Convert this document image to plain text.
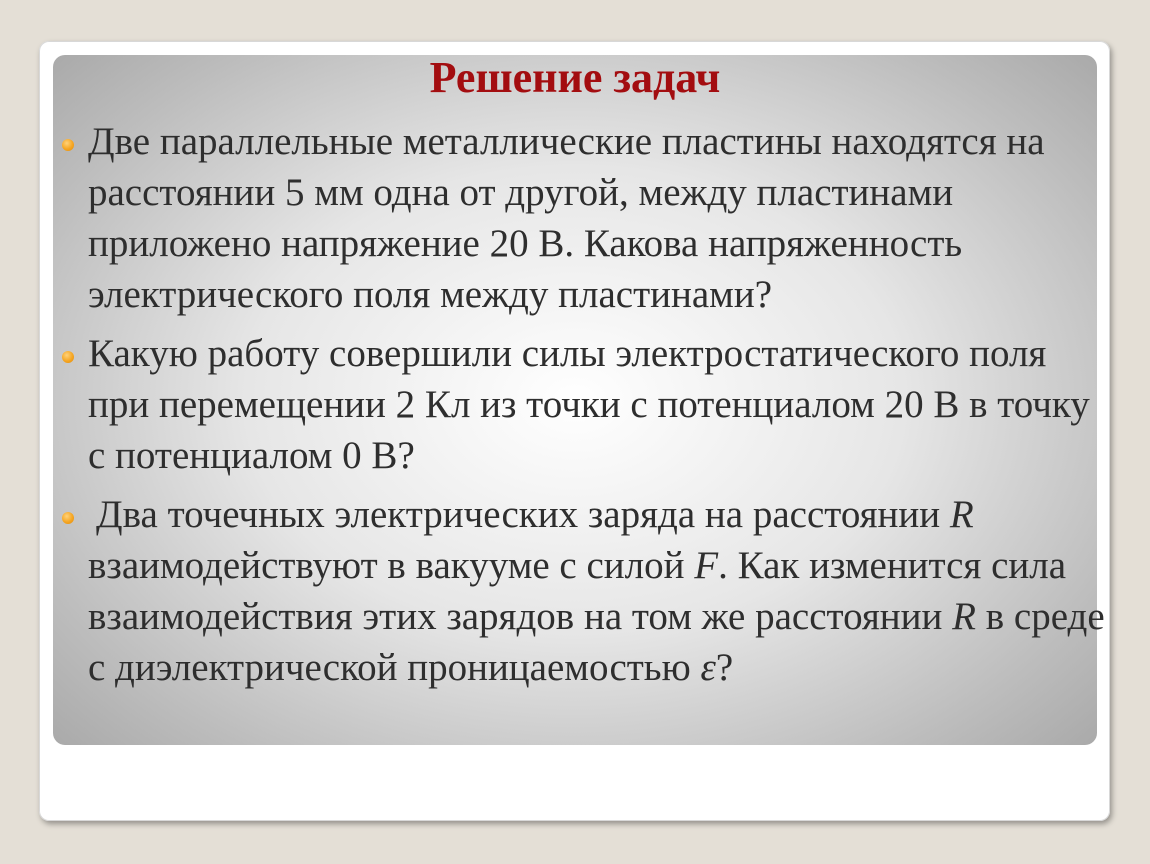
Решение задач
Две параллельные металлические пластины находятся на расстоянии 5 мм одна от другой, между пластинами приложено напряжение 20 В. Какова напряженность электрического поля между пластинами?
Какую работу совершили силы электростатического поля при перемещении 2 Кл из точки с потенциалом 20 В в точку с потенциалом 0 В?
Два точечных электрических заряда на расстоянии R взаимодействуют в вакууме с силой F. Как изменится сила взаимодействия этих зарядов на том же расстоянии R в среде с диэлектрической проницаемостью ε?
